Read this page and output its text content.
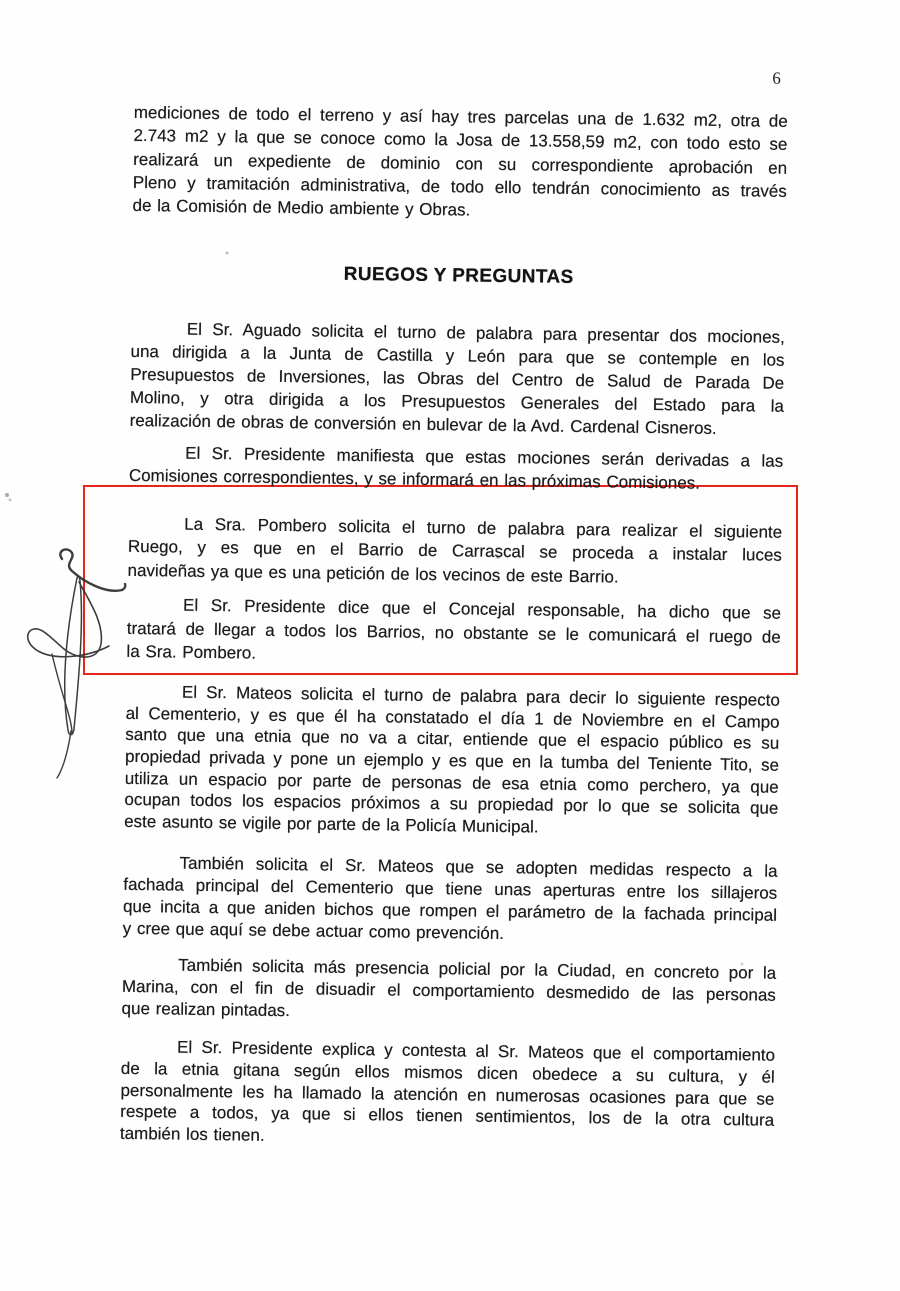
6
RUEGOS Y PREGUNTAS
mediciones de todo el terreno y así hay tres parcelas una de 1.632 m2, otra de
2.743 m2 y la que se conoce como la Josa de 13.558,59 m2, con todo esto se
realizará un expediente de dominio con su correspondiente aprobación en
Pleno y tramitación administrativa, de todo ello tendrán conocimiento as través
de la Comisión de Medio ambiente y Obras.
El Sr. Aguado solicita el turno de palabra para presentar dos mociones,
una dirigida a la Junta de Castilla y León para que se contemple en los
Presupuestos de Inversiones, las Obras del Centro de Salud de Parada De
Molino, y otra dirigida a los Presupuestos Generales del Estado para la
realización de obras de conversión en bulevar de la Avd. Cardenal Cisneros.
El Sr. Presidente manifiesta que estas mociones serán derivadas a las
Comisiones correspondientes, y se informará en las próximas Comisiones.
La Sra. Pombero solicita el turno de palabra para realizar el siguiente
Ruego, y es que en el Barrio de Carrascal se proceda a instalar luces
navideñas ya que es una petición de los vecinos de este Barrio.
El Sr. Presidente dice que el Concejal responsable, ha dicho que se
tratará de llegar a todos los Barrios, no obstante se le comunicará el ruego de
la Sra. Pombero.
El Sr. Mateos solicita el turno de palabra para decir lo siguiente respecto
al Cementerio, y es que él ha constatado el día 1 de Noviembre en el Campo
santo que una etnia que no va a citar, entiende que el espacio público es su
propiedad privada y pone un ejemplo y es que en la tumba del Teniente Tito, se
utiliza un espacio por parte de personas de esa etnia como perchero, ya que
ocupan todos los espacios próximos a su propiedad por lo que se solicita que
este asunto se vigile por parte de la Policía Municipal.
También solicita el Sr. Mateos que se adopten medidas respecto a la
fachada principal del Cementerio que tiene unas aperturas entre los sillajeros
que incita a que aniden bichos que rompen el parámetro de la fachada principal
y cree que aquí se debe actuar como prevención.
También solicita más presencia policial por la Ciudad, en concreto por la
Marina, con el fin de disuadir el comportamiento desmedido de las personas
que realizan pintadas.
El Sr. Presidente explica y contesta al Sr. Mateos que el comportamiento
de la etnia gitana según ellos mismos dicen obedece a su cultura, y él
personalmente les ha llamado la atención en numerosas ocasiones para que se
respete a todos, ya que si ellos tienen sentimientos, los de la otra cultura
también los tienen.
